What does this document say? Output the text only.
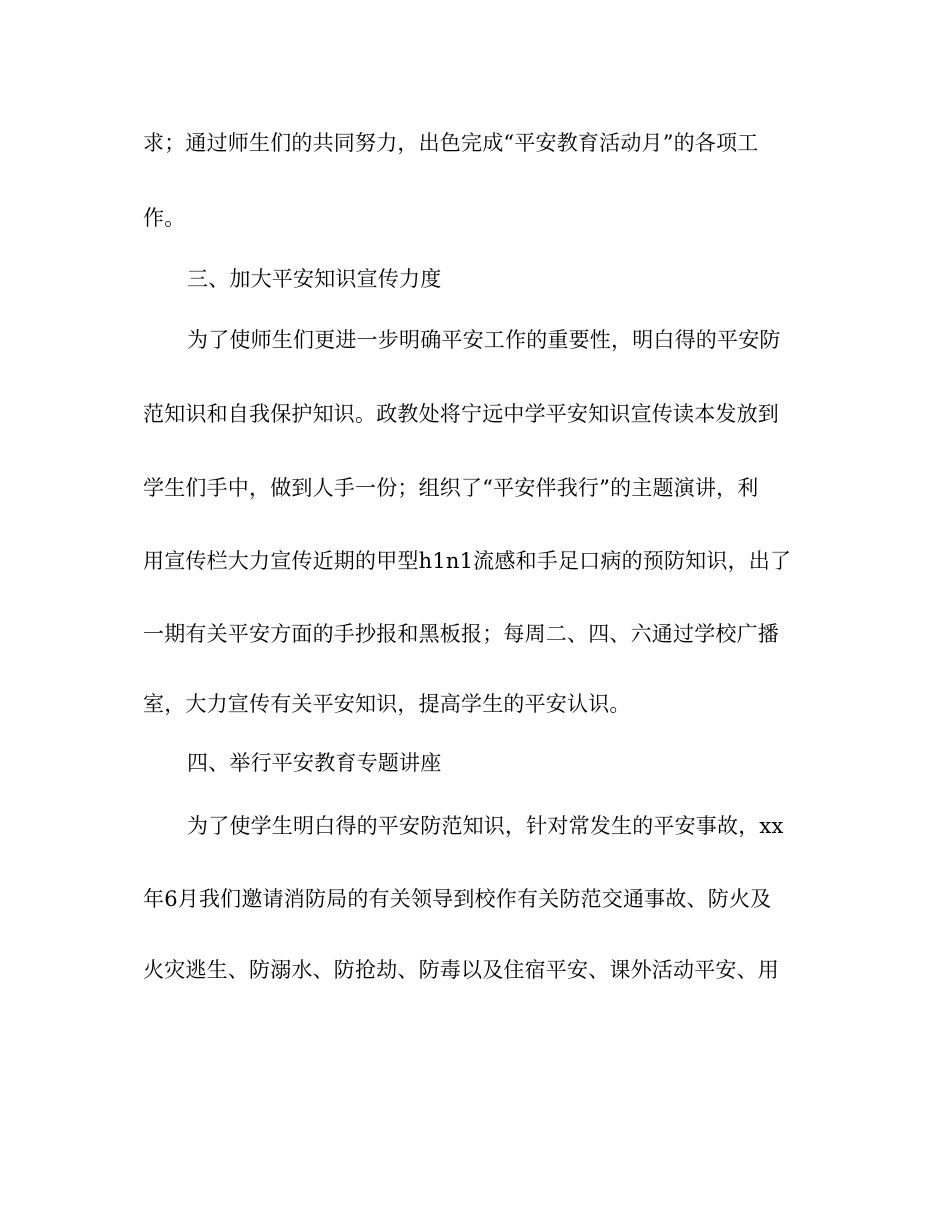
求；通过师生们的共同努力，出色完成“平安教育活动月”的各项工
作。
三、加大平安知识宣传力度
为了使师生们更进一步明确平安工作的重要性，明白得的平安防
范知识和自我保护知识。政教处将宁远中学平安知识宣传读本发放到
学生们手中，做到人手一份；组织了“平安伴我行”的主题演讲，利
用宣传栏大力宣传近期的甲型h1n1流感和手足口病的预防知识，出了
一期有关平安方面的手抄报和黑板报；每周二、四、六通过学校广播
室，大力宣传有关平安知识，提高学生的平安认识。
四、举行平安教育专题讲座
为了使学生明白得的平安防范知识，针对常发生的平安事故，xx
年6月我们邀请消防局的有关领导到校作有关防范交通事故、防火及
火灾逃生、防溺水、防抢劫、防毒以及住宿平安、课外活动平安、用
